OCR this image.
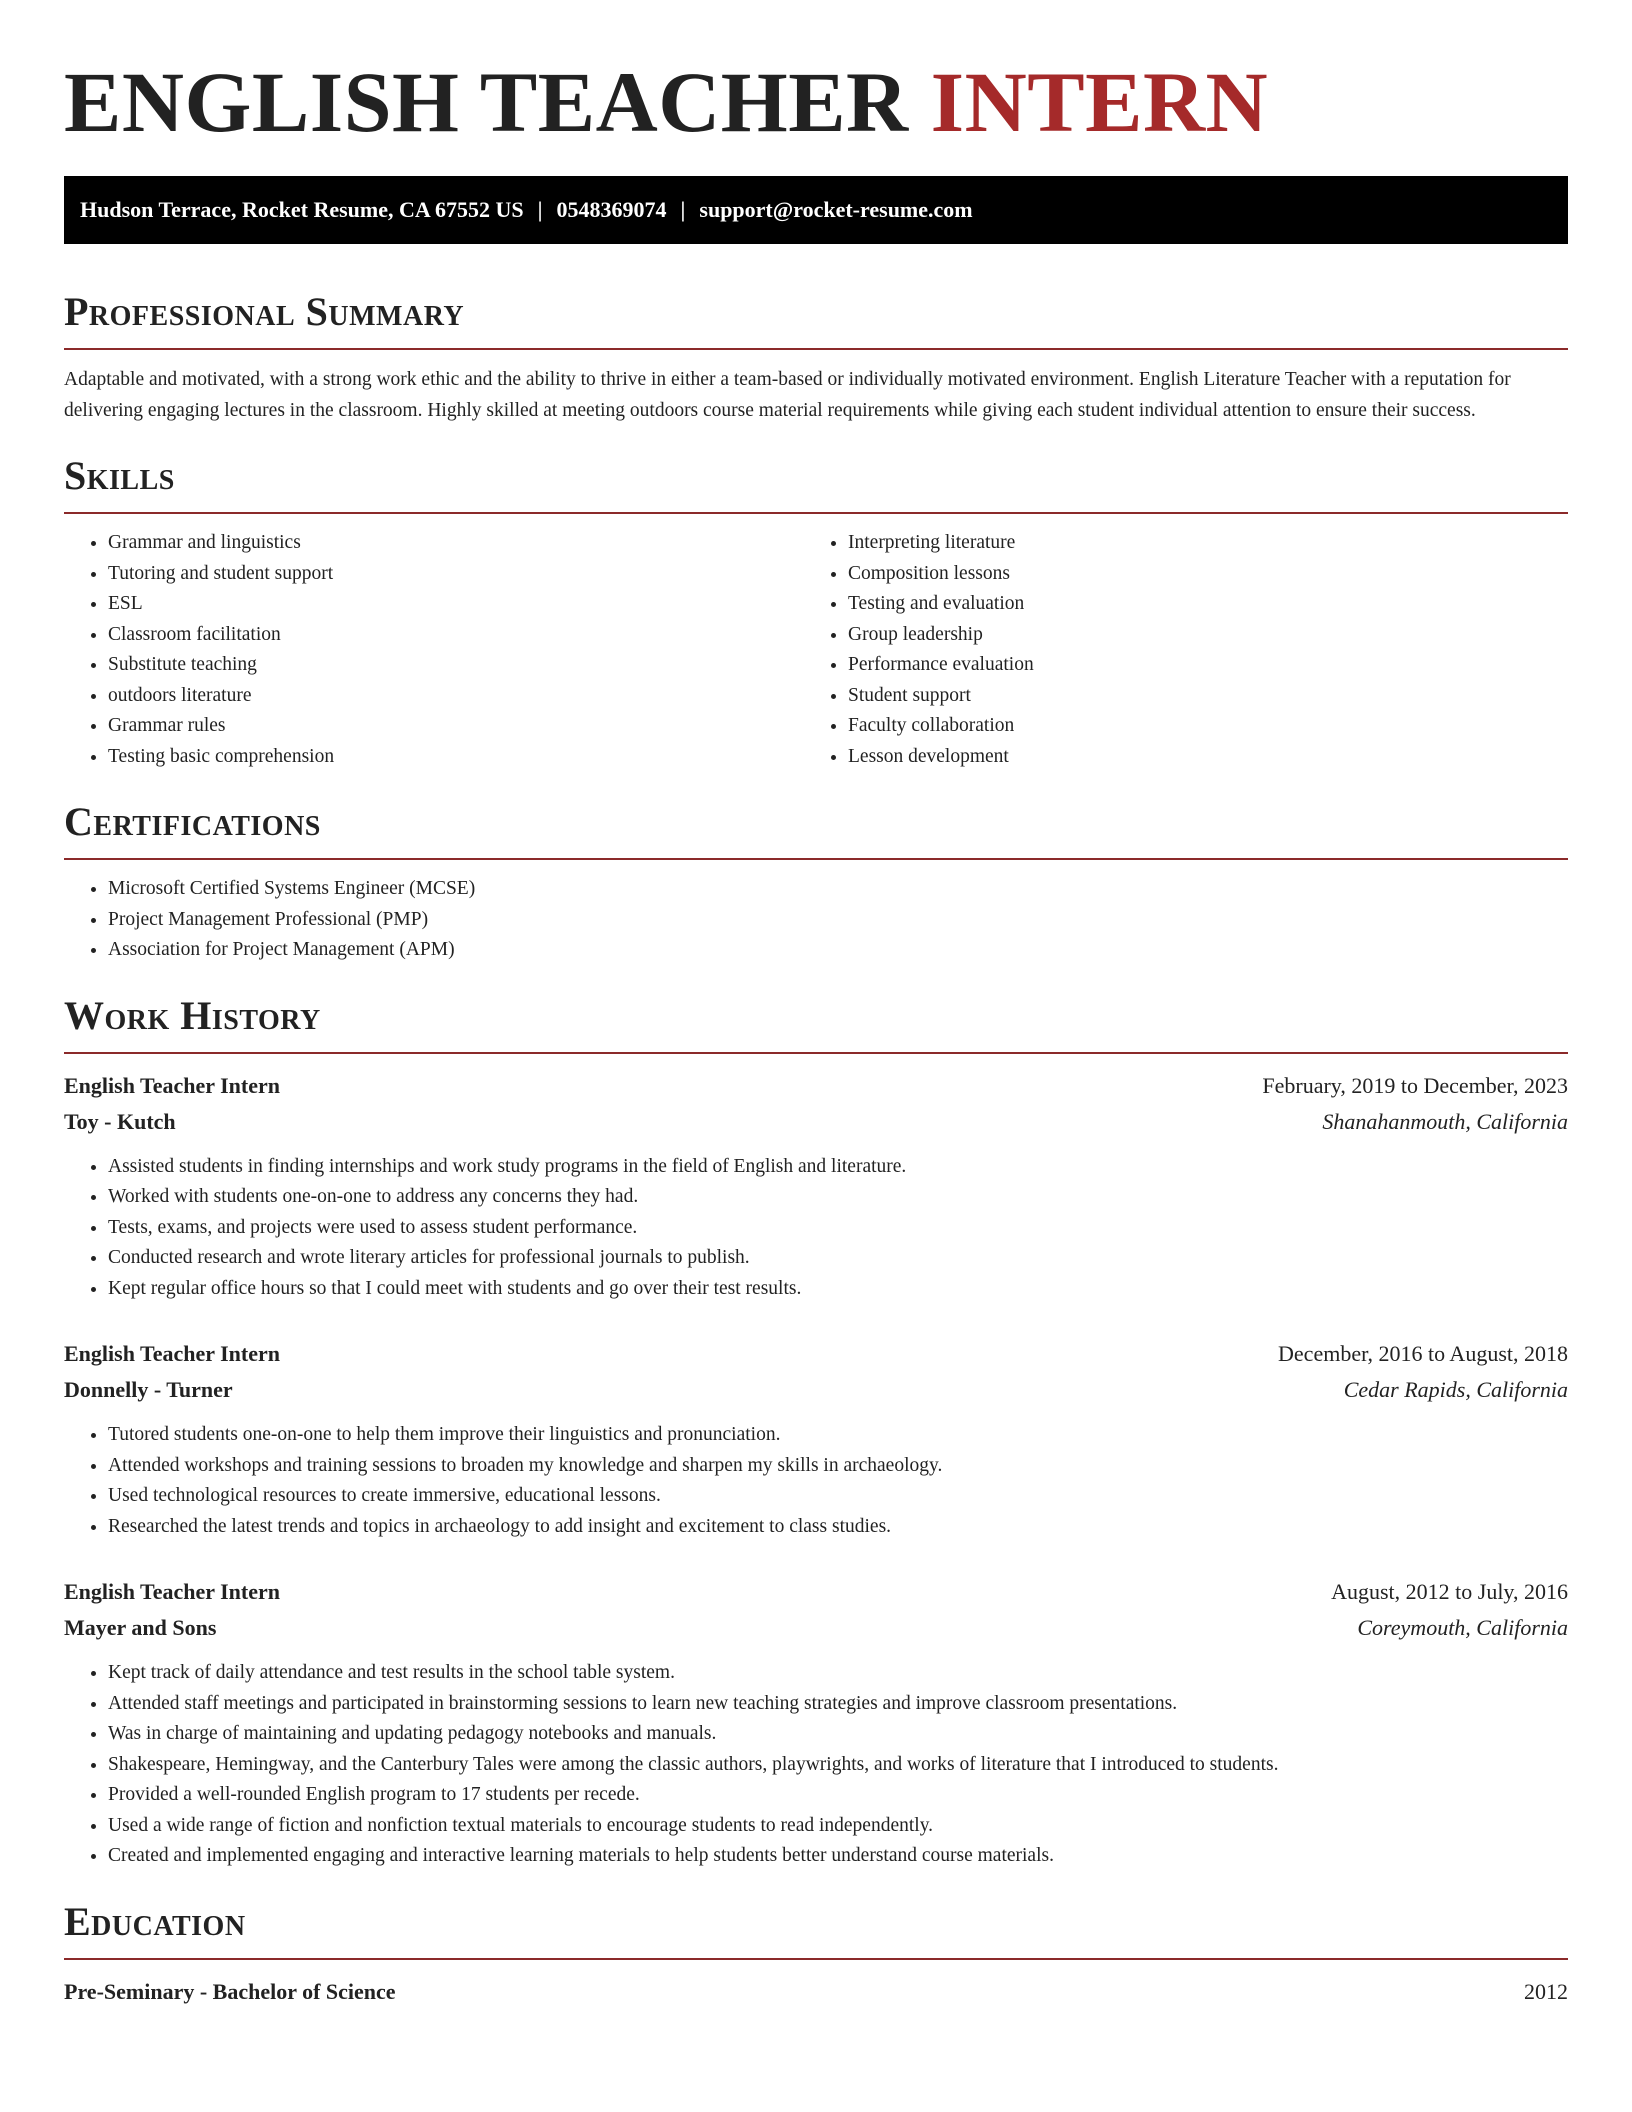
ENGLISH TEACHER INTERN
Hudson Terrace, Rocket Resume, CA 67552 US | 0548369074 | support@rocket-resume.com
Professional Summary

Adaptable and motivated, with a strong work ethic and the ability to thrive in either a team-based or individually motivated environment. English Literature Teacher with a reputation for delivering engaging lectures in the classroom. Highly skilled at meeting outdoors course material requirements while giving each student individual attention to ensure their success.

Skills
• Grammar and linguistics
• Tutoring and student support
• ESL
• Classroom facilitation
• Substitute teaching
• outdoors literature
• Grammar rules
• Testing basic comprehension
• Interpreting literature
• Composition lessons
• Testing and evaluation
• Group leadership
• Performance evaluation
• Student support
• Faculty collaboration
• Lesson development
Certifications
• Microsoft Certified Systems Engineer (MCSE)
• Project Management Professional (PMP)
• Association for Project Management (APM)
Work History
English Teacher Intern	February, 2019 to December, 2023
Toy - Kutch	Shanahanmouth, California
• Assisted students in finding internships and work study programs in the field of English and literature.
• Worked with students one-on-one to address any concerns they had.
• Tests, exams, and projects were used to assess student performance.
• Conducted research and wrote literary articles for professional journals to publish.
• Kept regular office hours so that I could meet with students and go over their test results.
English Teacher Intern	December, 2016 to August, 2018
Donnelly - Turner	Cedar Rapids, California
• Tutored students one-on-one to help them improve their linguistics and pronunciation.
• Attended workshops and training sessions to broaden my knowledge and sharpen my skills in archaeology.
• Used technological resources to create immersive, educational lessons.
• Researched the latest trends and topics in archaeology to add insight and excitement to class studies.
English Teacher Intern	August, 2012 to July, 2016
Mayer and Sons	Coreymouth, California
• Kept track of daily attendance and test results in the school table system.
• Attended staff meetings and participated in brainstorming sessions to learn new teaching strategies and improve classroom presentations.
• Was in charge of maintaining and updating pedagogy notebooks and manuals.
• Shakespeare, Hemingway, and the Canterbury Tales were among the classic authors, playwrights, and works of literature that I introduced to students.
• Provided a well-rounded English program to 17 students per recede.
• Used a wide range of fiction and nonfiction textual materials to encourage students to read independently.
• Created and implemented engaging and interactive learning materials to help students better understand course materials.
Education
Pre-Seminary - Bachelor of Science	2012
